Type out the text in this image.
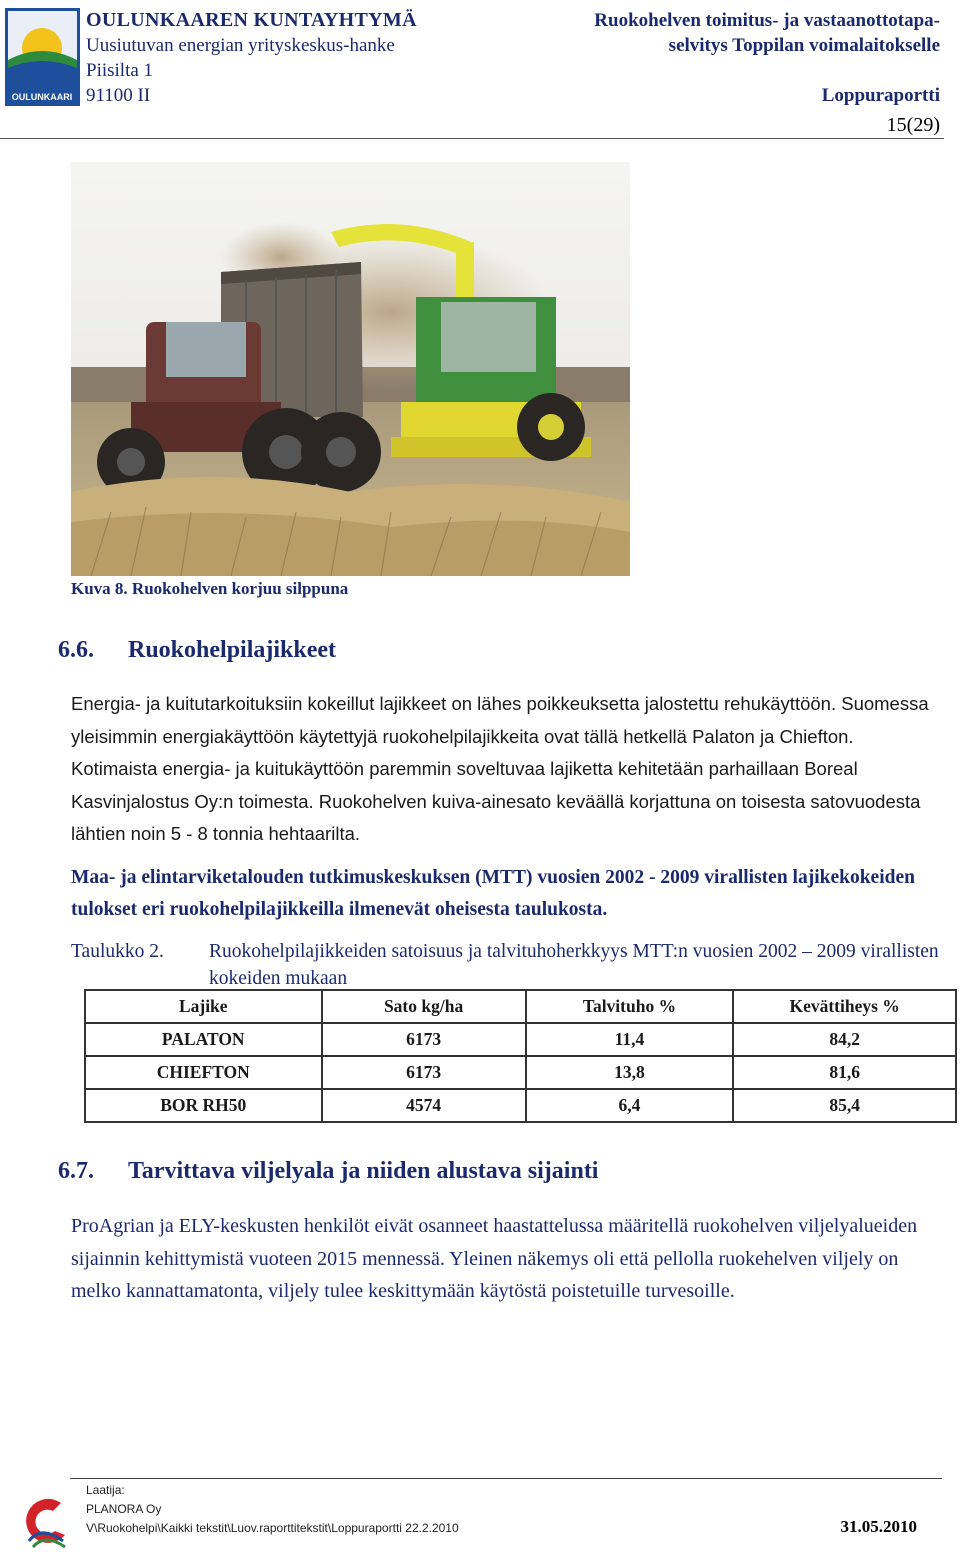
OULUNKAARI
OULUNKAAREN KUNTAYHTYMÄ
Uusiutuvan energian yrityskeskus-hanke
Piisilta 1
91100 II
Ruokohelven toimitus- ja vastaanottotapa-
selvitys Toppilan voimalaitokselle
Loppuraportti
15(29)
Kuva 8. Ruokohelven korjuu silppuna
6.6. Ruokohelpilajikkeet
Energia- ja kuitutarkoituksiin kokeillut lajikkeet on lähes poikkeuksetta jalostettu rehukäyttöön. Suomessa yleisimmin energiakäyttöön käytettyjä ruokohelpilajikkeita ovat tällä hetkellä Palaton ja Chiefton. Kotimaista energia- ja kuitukäyttöön paremmin soveltuvaa lajiketta kehitetään parhaillaan Boreal Kasvinjalostus Oy:n toimesta. Ruokohelven kuiva-ainesato keväällä korjattuna on toisesta satovuodesta lähtien noin 5 - 8 tonnia hehtaarilta.
Maa- ja elintarviketalouden tutkimuskeskuksen (MTT) vuosien 2002 - 2009 virallisten lajikekokeiden tulokset eri ruokohelpilajikkeilla ilmenevät oheisesta taulukosta.
Taulukko 2. Ruokohelpilajikkeiden satoisuus ja talvituhoherkkyys MTT:n vuosien 2002 – 2009 virallisten kokeiden mukaan
Lajike	Sato kg/ha	Talvituho %	Kevättiheys %
PALATON	6173	11,4	84,2
CHIEFTON	6173	13,8	81,6
BOR RH50	4574	6,4	85,4
6.7. Tarvittava viljelyala ja niiden alustava sijainti
ProAgrian ja ELY-keskusten henkilöt eivät osanneet haastattelussa määritellä ruokohelven viljelyalueiden sijainnin kehittymistä vuoteen 2015 mennessä. Yleinen näkemys oli että pellolla ruokehelven viljely on melko kannattamatonta, viljely tulee keskittymään käytöstä poistetuille turvesoille.
Laatija:
PLANORA Oy
V\Ruokohelpi\Kaikki tekstit\Luov.raporttitekstit\Loppuraportti 22.2.2010	31.05.2010
